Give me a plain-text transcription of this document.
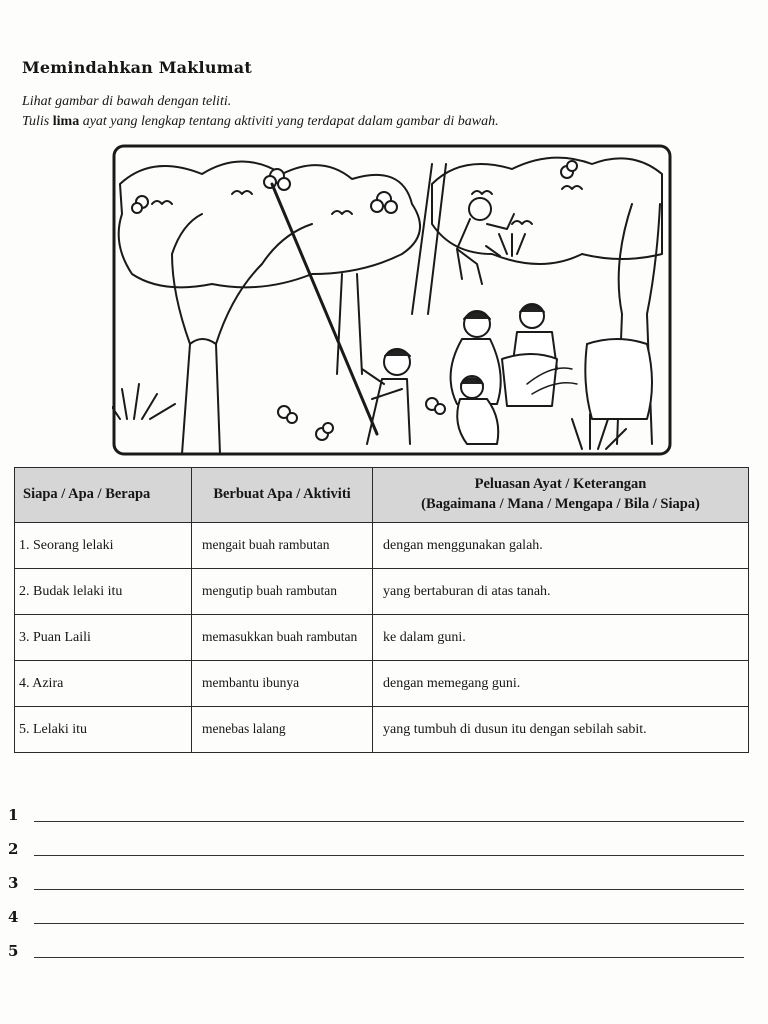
Memindahkan Maklumat
Lihat gambar di bawah dengan teliti.
Tulis lima ayat yang lengkap tentang aktiviti yang terdapat dalam gambar di bawah.
Siapa / Apa / Berapa	Berbuat Apa / Aktiviti	Peluasan Ayat / Keterangan
(Bagaimana / Mana / Mengapa / Bila / Siapa)
1. Seorang lelaki	mengait buah rambutan	dengan menggunakan galah.
2. Budak lelaki itu	mengutip buah rambutan	yang bertaburan di atas tanah.
3. Puan Laili	memasukkan buah rambutan	ke dalam guni.
4. Azira	membantu ibunya	dengan memegang guni.
5. Lelaki itu	menebas lalang	yang tumbuh di dusun itu dengan sebilah sabit.
1
2
3
4
5
